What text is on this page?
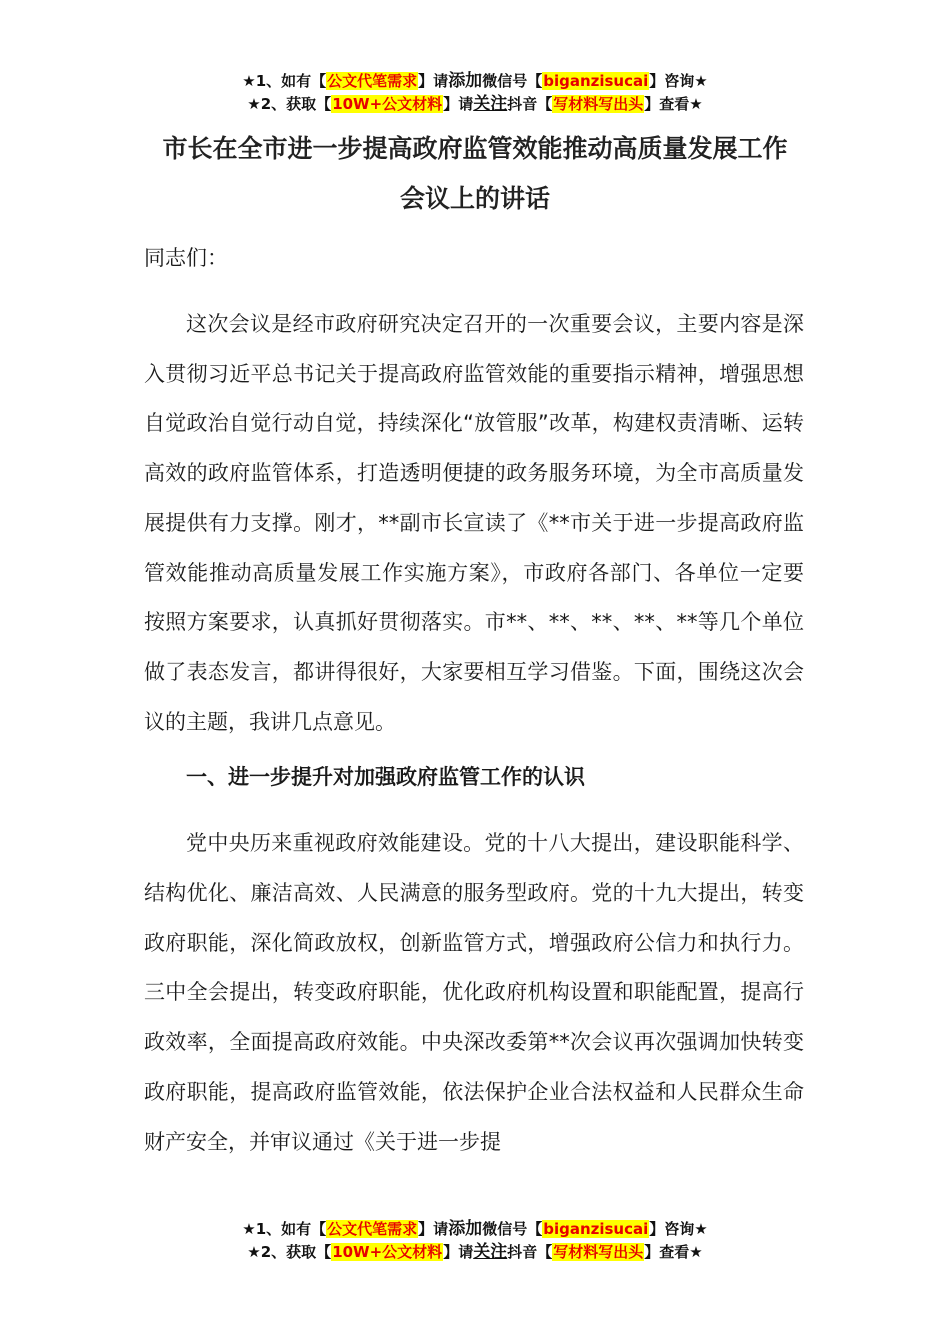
★1、如有【公文代笔需求】请添加微信号【biganzisucai】咨询★
★2、获取【10W+公文材料】请关注抖音【写材料写出头】查看★
市长在全市进一步提高政府监管效能推动高质量发展工作
会议上的讲话

同志们：

这次会议是经市政府研究决定召开的一次重要会议，主要内容是深入贯彻习近平总书记关于提高政府监管效能的重要指示精神，增强思想自觉政治自觉行动自觉，持续深化“放管服”改革，构建权责清晰、运转高效的政府监管体系，打造透明便捷的政务服务环境，为全市高质量发展提供有力支撑。刚才，**副市长宣读了《**市关于进一步提高政府监管效能推动高质量发展工作实施方案》，市政府各部门、各单位一定要按照方案要求，认真抓好贯彻落实。市**、**、**、**、**等几个单位做了表态发言，都讲得很好，大家要相互学习借鉴。下面，围绕这次会议的主题，我讲几点意见。

一、进一步提升对加强政府监管工作的认识

党中央历来重视政府效能建设。党的十八大提出，建设职能科学、结构优化、廉洁高效、人民满意的服务型政府。党的十九大提出，转变政府职能，深化简政放权，创新监管方式，增强政府公信力和执行力。三中全会提出，转变政府职能，优化政府机构设置和职能配置，提高行政效率，全面提高政府效能。中央深改委第**次会议再次强调加快转变政府职能，提高政府监管效能，依法保护企业合法权益和人民群众生命财产安全，并审议通过《关于进一步提

★1、如有【公文代笔需求】请添加微信号【biganzisucai】咨询★
★2、获取【10W+公文材料】请关注抖音【写材料写出头】查看★
